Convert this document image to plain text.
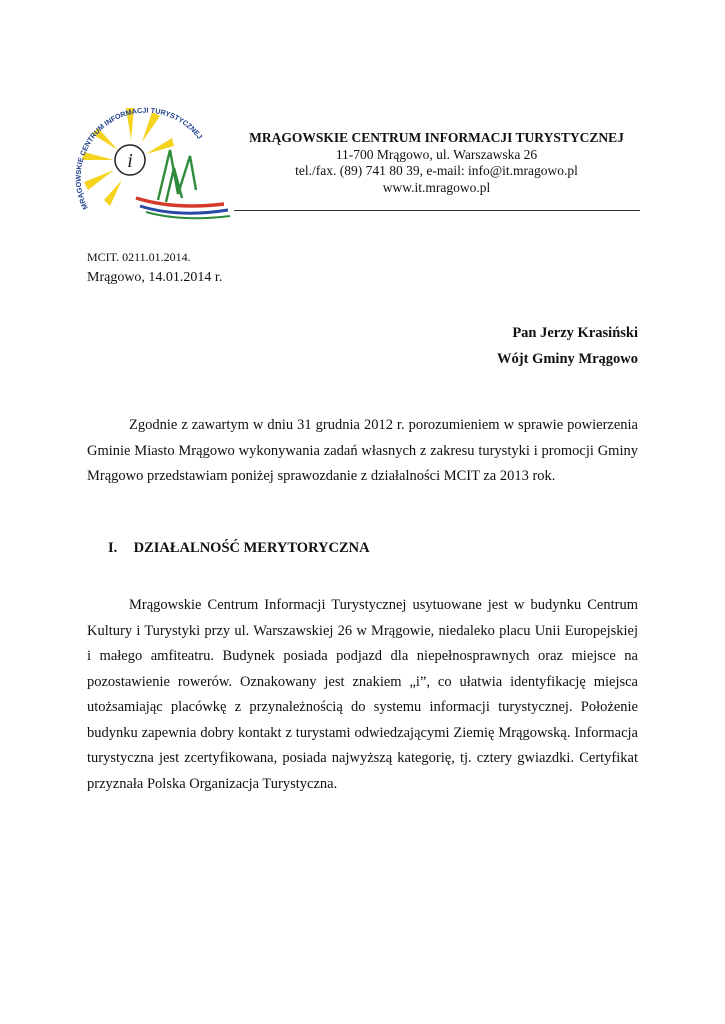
i
MRĄGOWSKIE CENTRUM INFORMACJI TURYSTYCZNEJ	MRĄGOWSKIE CENTRUM INFORMACJI TURYSTYCZNEJ
11-700 Mrągowo, ul. Warszawska 26
tel./fax. (89) 741 80 39, e-mail: info@it.mragowo.pl
www.it.mragowo.pl
MCIT. 0211.01.2014.
Mrągowo, 14.01.2014 r.
Pan Jerzy Krasiński
Wójt Gminy Mrągowo
Zgodnie z zawartym w dniu 31 grudnia 2012 r. porozumieniem w sprawie powierzenia Gminie Miasto Mrągowo wykonywania zadań własnych z zakresu turystyki i promocji Gminy Mrągowo przedstawiam poniżej sprawozdanie z działalności MCIT za 2013 rok.
I. DZIAŁALNOŚĆ MERYTORYCZNA
Mrągowskie Centrum Informacji Turystycznej usytuowane jest w budynku Centrum Kultury i Turystyki przy ul. Warszawskiej 26 w Mrągowie, niedaleko placu Unii Europejskiej i małego amfiteatru. Budynek posiada podjazd dla niepełnosprawnych oraz miejsce na pozostawienie rowerów. Oznakowany jest znakiem „i”, co ułatwia identyfikację miejsca utożsamiając placówkę z przynależnością do systemu informacji turystycznej. Położenie budynku zapewnia dobry kontakt z turystami odwiedzającymi Ziemię Mrągowską. Informacja turystyczna jest zcertyfikowana, posiada najwyższą kategorię, tj. cztery gwiazdki. Certyfikat przyznała Polska Organizacja Turystyczna.
